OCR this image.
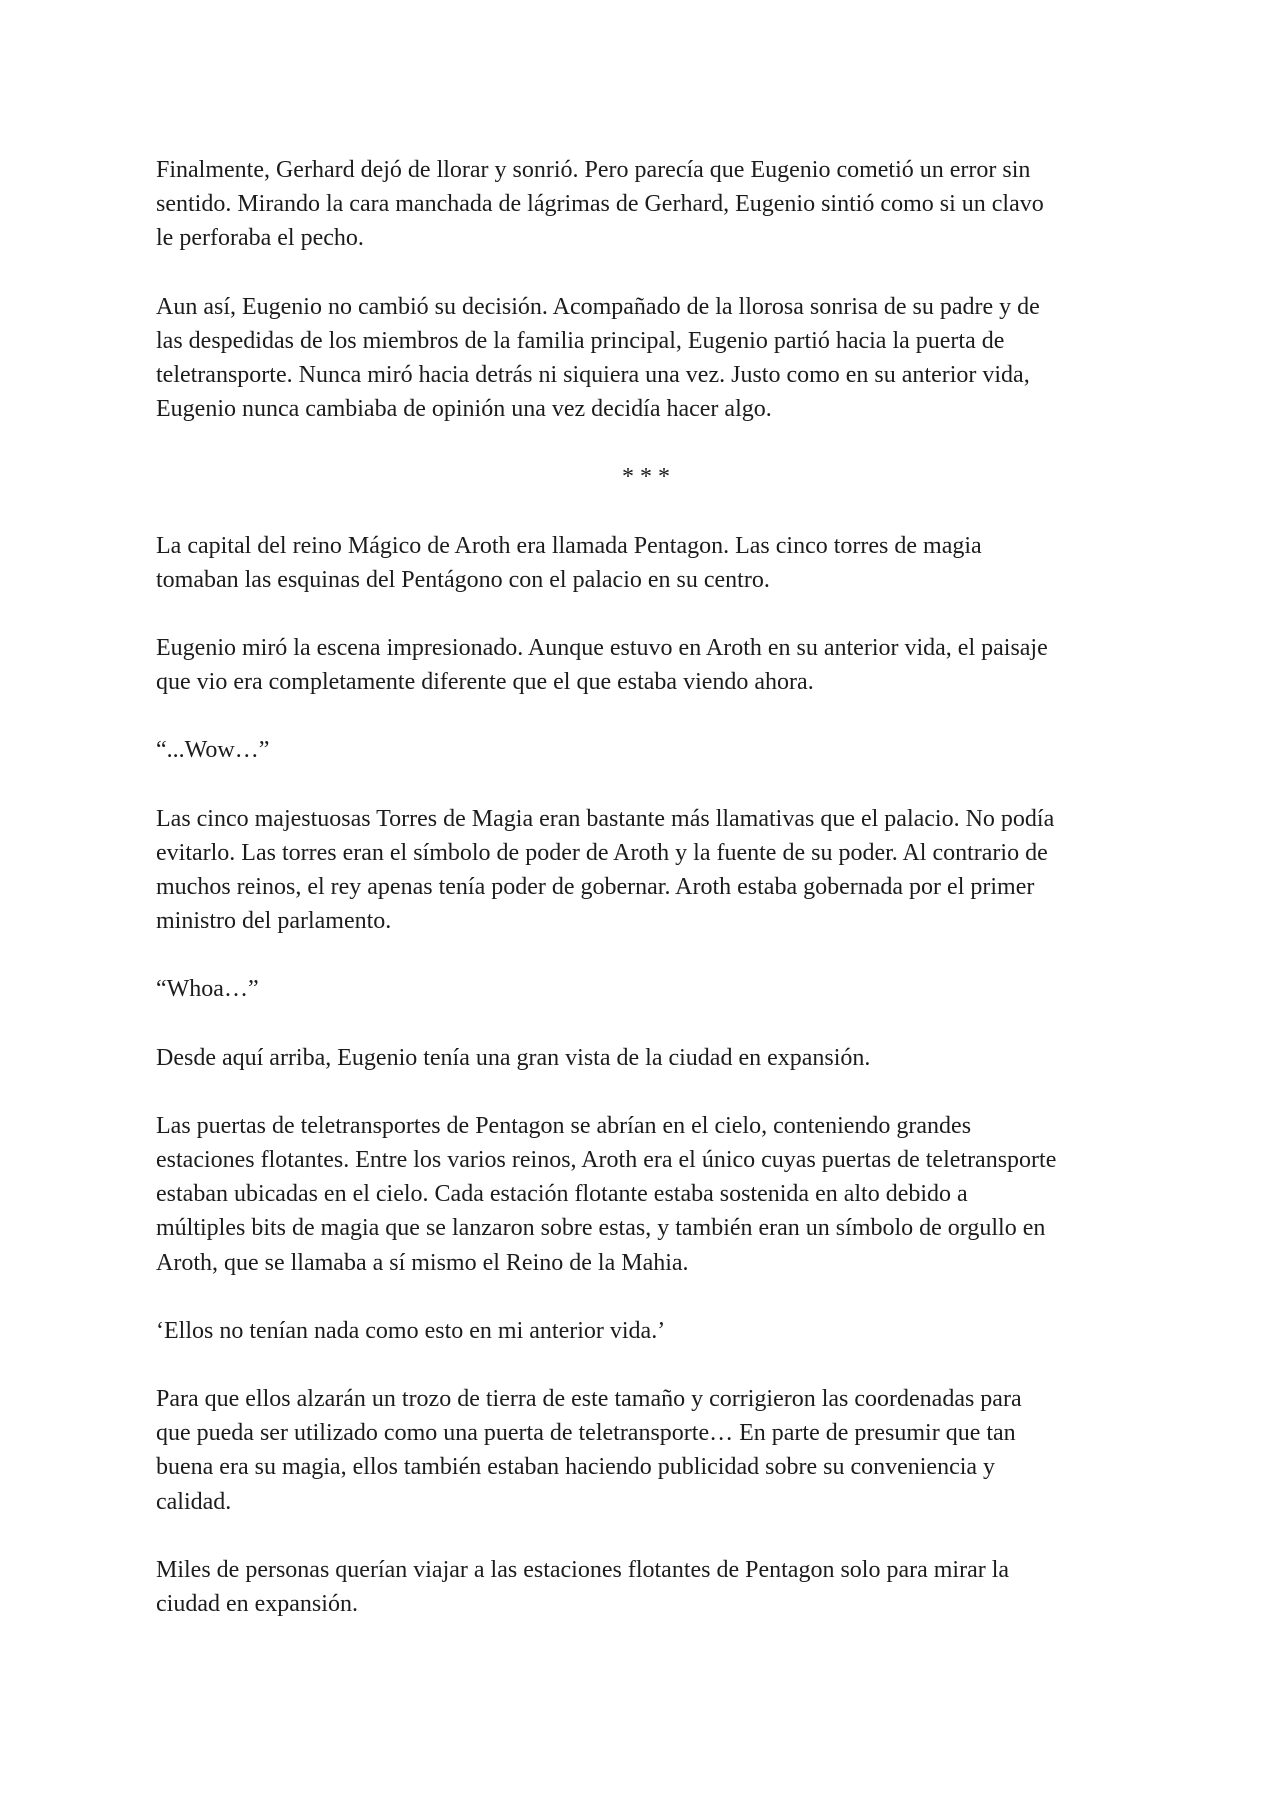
Finalmente, Gerhard dejó de llorar y sonrió. Pero parecía que Eugenio cometió un error sin
sentido. Mirando la cara manchada de lágrimas de Gerhard, Eugenio sintió como si un clavo
le perforaba el pecho.

Aun así, Eugenio no cambió su decisión. Acompañado de la llorosa sonrisa de su padre y de
las despedidas de los miembros de la familia principal, Eugenio partió hacia la puerta de
teletransporte. Nunca miró hacia detrás ni siquiera una vez. Justo como en su anterior vida,
Eugenio nunca cambiaba de opinión una vez decidía hacer algo.

* * *

La capital del reino Mágico de Aroth era llamada Pentagon. Las cinco torres de magia
tomaban las esquinas del Pentágono con el palacio en su centro.

Eugenio miró la escena impresionado. Aunque estuvo en Aroth en su anterior vida, el paisaje
que vio era completamente diferente que el que estaba viendo ahora.

“...Wow…”

Las cinco majestuosas Torres de Magia eran bastante más llamativas que el palacio. No podía
evitarlo. Las torres eran el símbolo de poder de Aroth y la fuente de su poder. Al contrario de
muchos reinos, el rey apenas tenía poder de gobernar. Aroth estaba gobernada por el primer
ministro del parlamento.

“Whoa…”

Desde aquí arriba, Eugenio tenía una gran vista de la ciudad en expansión.

Las puertas de teletransportes de Pentagon se abrían en el cielo, conteniendo grandes
estaciones flotantes. Entre los varios reinos, Aroth era el único cuyas puertas de teletransporte
estaban ubicadas en el cielo. Cada estación flotante estaba sostenida en alto debido a
múltiples bits de magia que se lanzaron sobre estas, y también eran un símbolo de orgullo en
Aroth, que se llamaba a sí mismo el Reino de la Mahia.

‘Ellos no tenían nada como esto en mi anterior vida.’

Para que ellos alzarán un trozo de tierra de este tamaño y corrigieron las coordenadas para
que pueda ser utilizado como una puerta de teletransporte… En parte de presumir que tan
buena era su magia, ellos también estaban haciendo publicidad sobre su conveniencia y
calidad.

Miles de personas querían viajar a las estaciones flotantes de Pentagon solo para mirar la
ciudad en expansión.
